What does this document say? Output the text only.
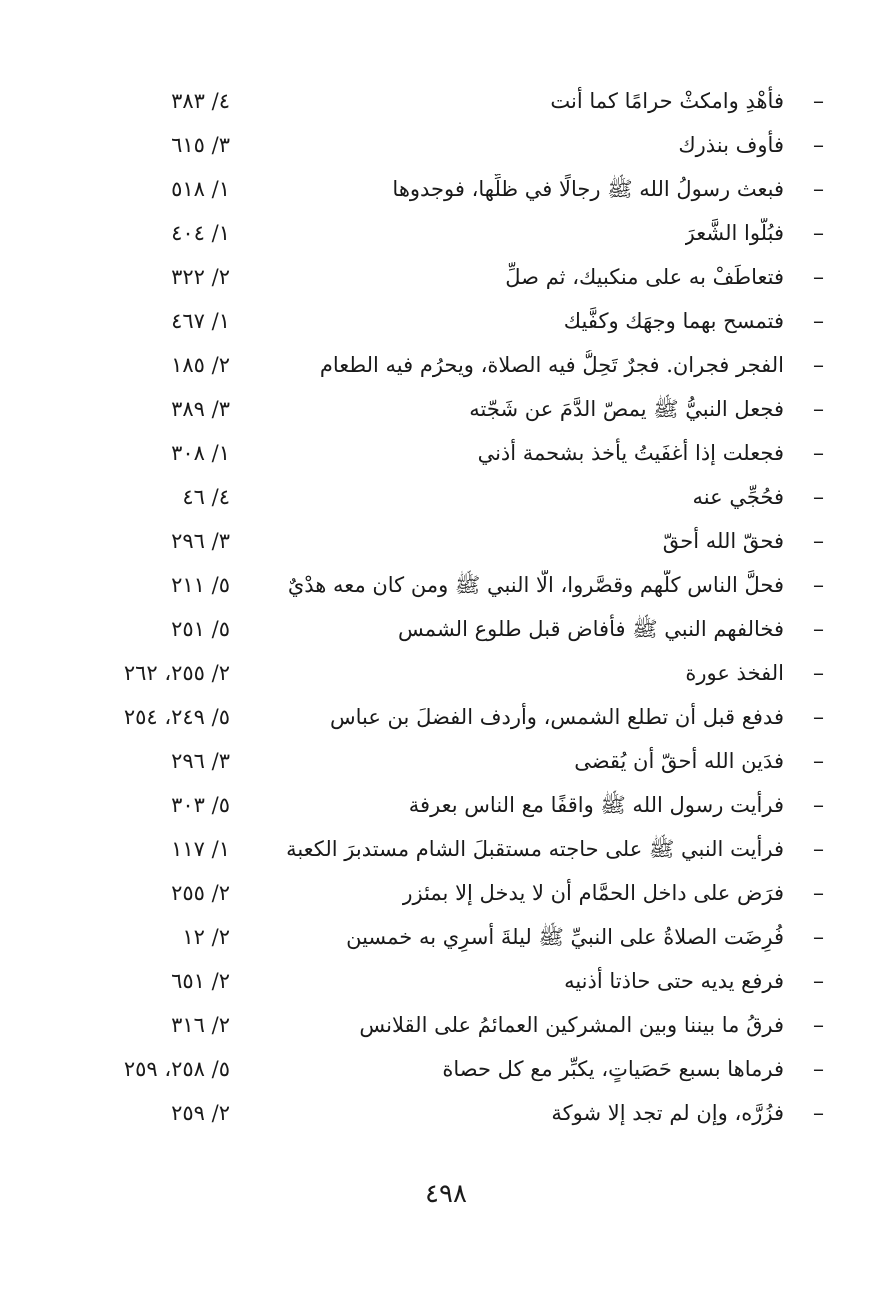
–
فأهْدِ وامكثْ حرامًا كما أنت
٤/ ٣٨٣
–
فأوف بنذرك
٣/ ٦١٥
–
فبعث رسولُ الله ﷺ رجالًا في ظلِّها، فوجدوها
١/ ٥١٨
–
فبُلُّوا الشَّعرَ
١/ ٤٠٤
–
فتعاطَفْ به على منكبيك، ثم صلِّ
٢/ ٣٢٢
–
فتمسح بهما وجهَك وكفَّيك
١/ ٤٦٧
–
الفجر فجران. فجرٌ تَحِلُّ فيه الصلاة، ويحرُم فيه الطعام
٢/ ١٨٥
–
فجعل النبيُّ ﷺ يمصّ الدَّمَ عن شَجّته
٣/ ٣٨٩
–
فجعلت إذا أغفَيتُ يأخذ بشحمة أذني
١/ ٣٠٨
–
فحُجِّي عنه
٤/ ٤٦
–
فحقّ الله أحقّ
٣/ ٢٩٦
–
فحلَّ الناس كلُّهم وقصَّروا، الّا النبي ﷺ ومن كان معه هدْيٌ
٥/ ٢١١
–
فخالفهم النبي ﷺ فأفاض قبل طلوع الشمس
٥/ ٢٥١
–
الفخذ عورة
٢/ ٢٥٥، ٢٦٢
–
فدفع قبل أن تطلع الشمس، وأردف الفضلَ بن عباس
٥/ ٢٤٩، ٢٥٤
–
فدَين الله أحقّ أن يُقضى
٣/ ٢٩٦
–
فرأيت رسول الله ﷺ واقفًا مع الناس بعرفة
٥/ ٣٠٣
–
فرأيت النبي ﷺ على حاجته مستقبلَ الشام مستدبرَ الكعبة
١/ ١١٧
–
فرَض على داخل الحمَّام أن لا يدخل إلا بمئزر
٢/ ٢٥٥
–
فُرِضَت الصلاةُ على النبيِّ ﷺ ليلةَ أسرِي به خمسين
٢/ ١٢
–
فرفع يديه حتى حاذتا أذنيه
٢/ ٦٥١
–
فرقُ ما بيننا وبين المشركين العمائمُ على القلانس
٢/ ٣١٦
–
فرماها بسبع حَصَياتٍ، يكبِّر مع كل حصاة
٥/ ٢٥٨، ٢٥٩
–
فزُرَّه، وإن لم تجد إلا شوكة
٢/ ٢٥٩
٤٩٨
